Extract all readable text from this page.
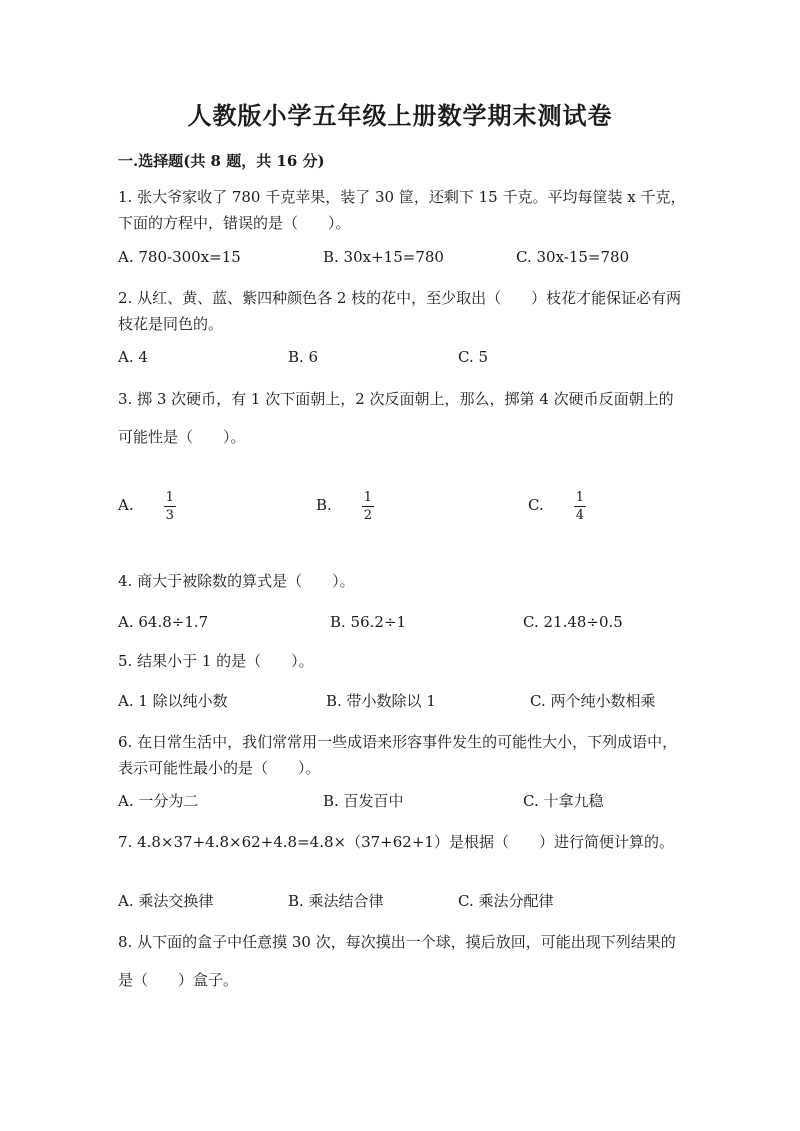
人教版小学五年级上册数学期末测试卷
一.选择题(共 8 题，共 16 分)
1. 张大爷家收了 780 千克苹果，装了 30 筐，还剩下 15 千克。平均每筐装 x 千克，下面的方程中，错误的是（　　）。
A. 780-300x=15	B. 30x+15=780	C. 30x-15=780
2. 从红、黄、蓝、紫四种颜色各 2 枝的花中，至少取出（　　）枝花才能保证必有两枝花是同色的。
A. 4	B. 6	C. 5
3. 掷 3 次硬币，有 1 次下面朝上，2 次反面朝上，那么，掷第 4 次硬币反面朝上的可能性是（　　）。
A. $\frac{1}{3}$	B. $\frac{1}{2}$	C. $\frac{1}{4}$
4. 商大于被除数的算式是（　　）。
A. 64.8÷1.7	B. 56.2÷1	C. 21.48÷0.5
5. 结果小于 1 的是（　　）。
A. 1 除以纯小数	B. 带小数除以 1	C. 两个纯小数相乘
6. 在日常生活中，我们常常用一些成语来形容事件发生的可能性大小，下列成语中，表示可能性最小的是（　　）。
A. 一分为二	B. 百发百中	C. 十拿九稳
7. 4.8×37+4.8×62+4.8=4.8×（37+62+1）是根据（　　）进行简便计算的。
A. 乘法交换律	B. 乘法结合律	C. 乘法分配律
8. 从下面的盒子中任意摸 30 次，每次摸出一个球，摸后放回，可能出现下列结果的是（　　）盒子。
